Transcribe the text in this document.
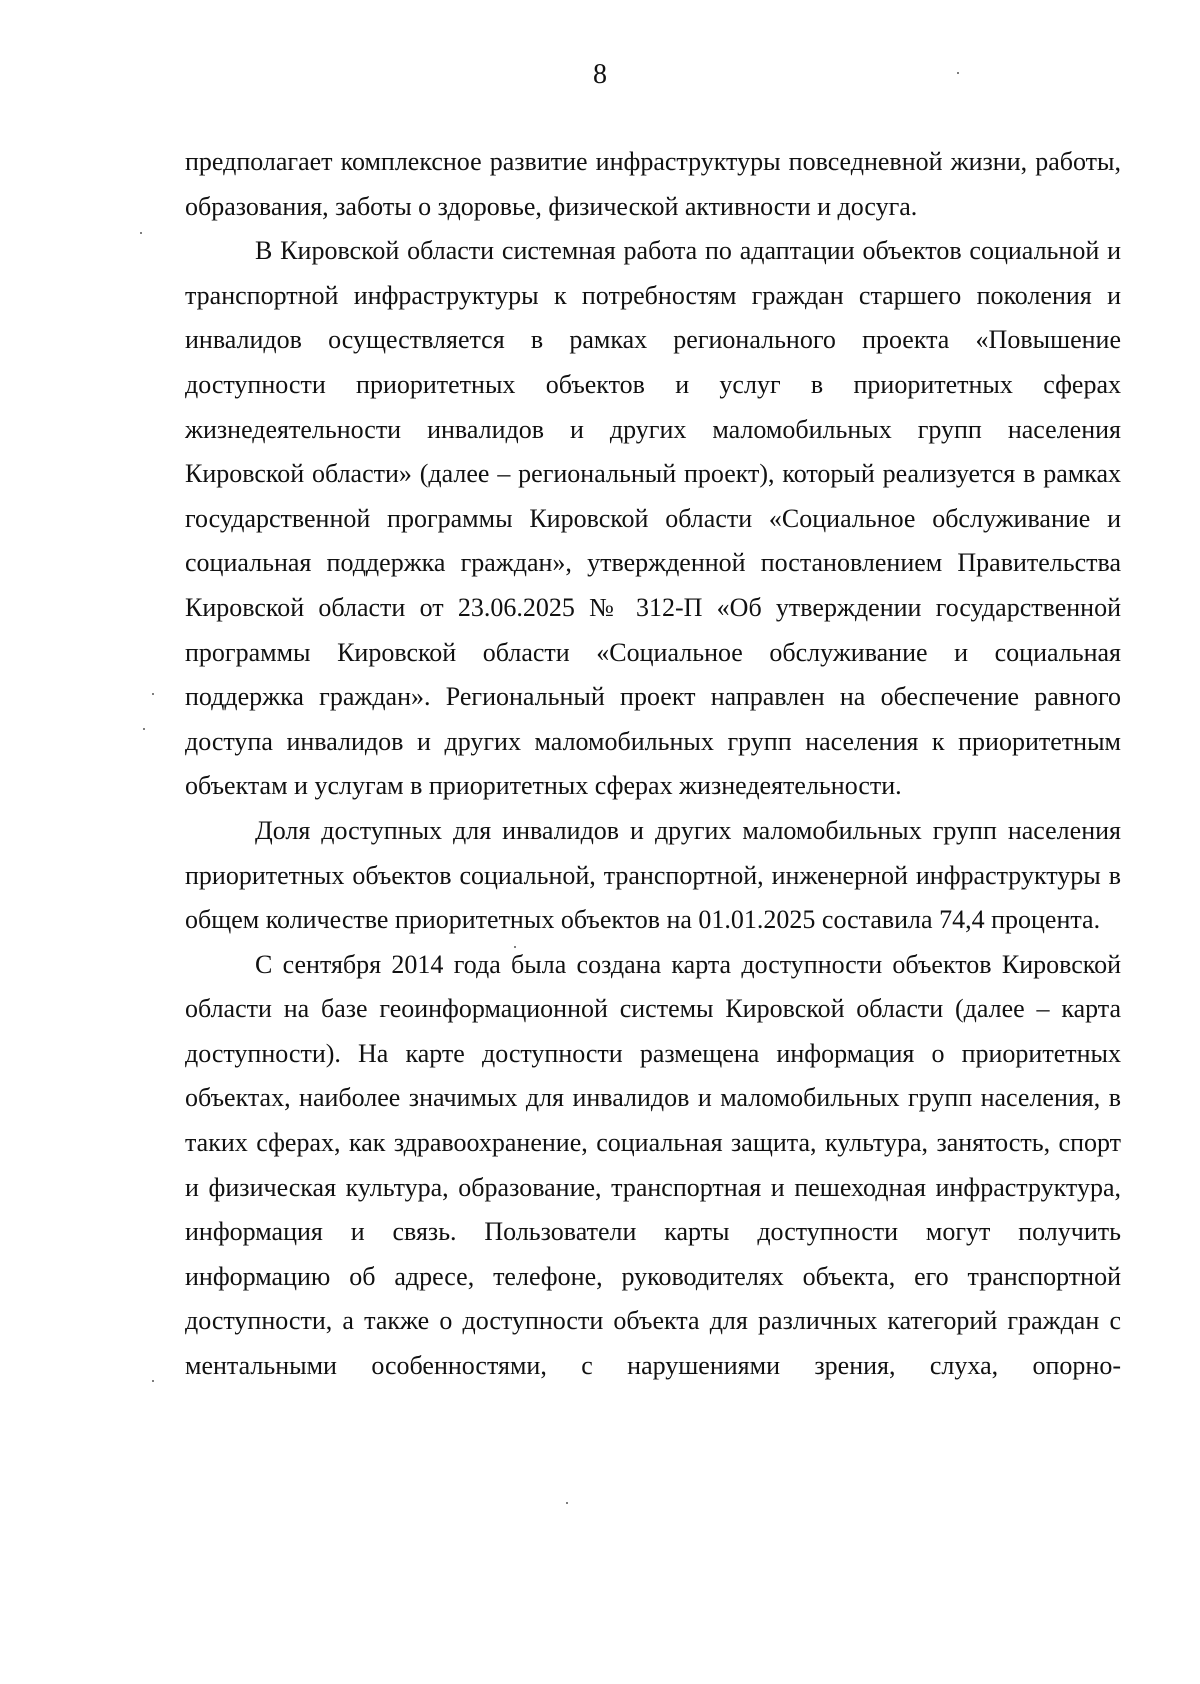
8

предполагает комплексное развитие инфраструктуры повседневной жизни, работы, образования, заботы о здоровье, физической активности и досуга.

В Кировской области системная работа по адаптации объектов социальной и транспортной инфраструктуры к потребностям граждан старшего поколения и инвалидов осуществляется в рамках регионального проекта «Повышение доступности приоритетных объектов и услуг в приоритетных сферах жизнедеятельности инвалидов и других маломобильных групп населения Кировской области» (далее – региональный проект), который реализуется в рамках государственной программы Кировской области «Социальное обслуживание и социальная поддержка граждан», утвержденной постановлением Правительства Кировской области от 23.06.2025 № 312-П «Об утверждении государственной программы Кировской области «Социальное обслуживание и социальная поддержка граждан». Региональный проект направлен на обеспечение равного доступа инвалидов и других маломобильных групп населения к приоритетным объектам и услугам в приоритетных сферах жизнедеятельности.

Доля доступных для инвалидов и других маломобильных групп населения приоритетных объектов социальной, транспортной, инженерной инфраструктуры в общем количестве приоритетных объектов на 01.01.2025 составила 74,4 процента.

С сентября 2014 года была создана карта доступности объектов Кировской области на базе геоинформационной системы Кировской области (далее – карта доступности). На карте доступности размещена информация о приоритетных объектах, наиболее значимых для инвалидов и маломобильных групп населения, в таких сферах, как здравоохранение, социальная защита, культура, занятость, спорт и физическая культура, образование, транспортная и пешеходная инфраструктура, информация и связь. Пользователи карты доступности могут получить информацию об адресе, телефоне, руководителях объекта, его транспортной доступности, а также о доступности объекта для различных категорий граждан с ментальными особенностями, с нарушениями зрения, слуха, опорно-
